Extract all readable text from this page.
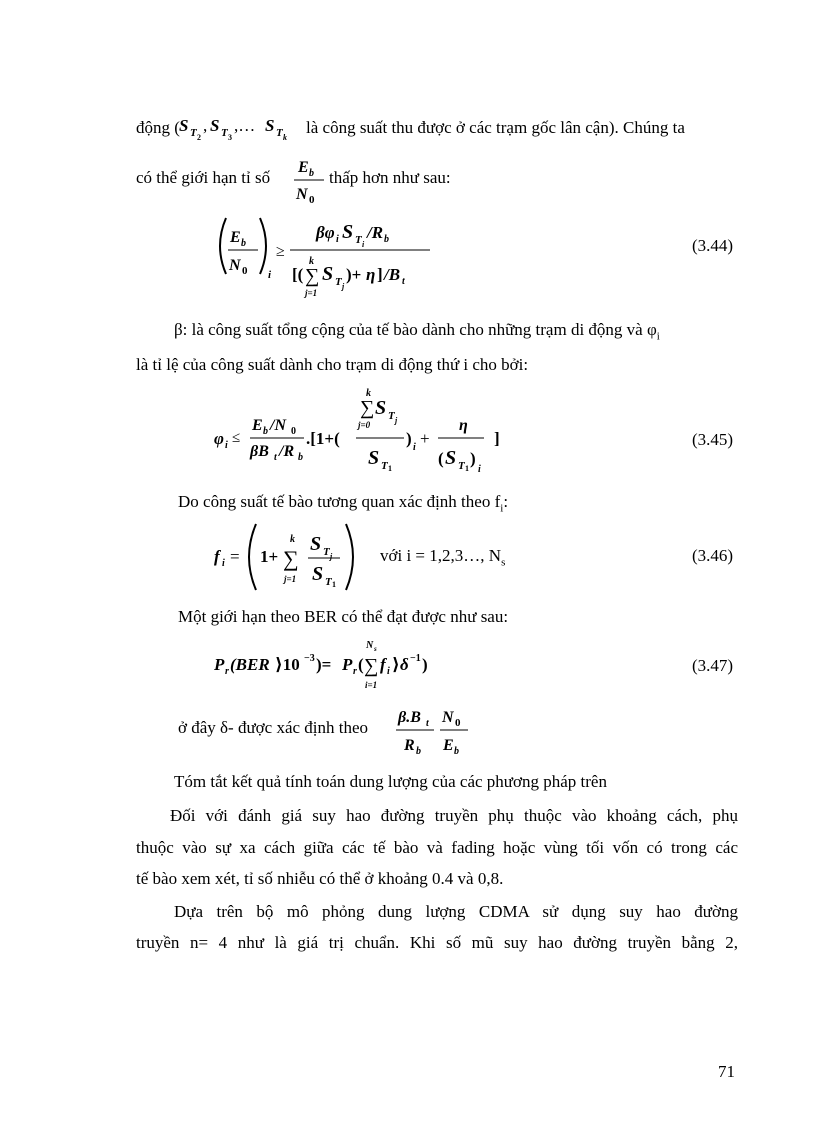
động ( S T 2
, S T 3
,… S T k
là công suất thu được ở các trạm gốc lân cận). Chúng ta
có thể giới hạn tỉ số
E b
N 0
thấp hơn như sau:
E b
N 0 i
≥
βφ i S T i
/R b
k
[( ∑
j=1
S T j
)+ η ] /B t
(3.44)
β: là công suất tổng cộng của tế bào dành cho những trạm di động và $\varphi_i$
là tỉ lệ của công suất dành cho trạm di động thứ i cho bởi:
φ i ≤
E b /N 0
βB t /R b
.[1+(
k
∑ S T j
j=0
S T 1
) i +
η
( S T 1
)
i
]	(3.45)
Do công suất tế bào tương quan xác định theo $f_i$:
f i = 1+
k
∑
j=1
S T j
S T 1
với i = 1,2,3…, $N_s$	(3.46)
Một giới hạn theo BER có thể đạt được như sau:
P r (BER ⟩10 −3 )= P r (
N s
∑
i=1
f i ⟩ δ −1 )	(3.47)
ở đây δ- được xác định theo
β.B t
R b
N 0
E b
Tóm tắt kết quả tính toán dung lượng của các phương pháp trên
Đối với đánh giá suy hao đường truyền phụ thuộc vào khoảng cách, phụ
thuộc vào sự xa cách giữa các tế bào và fading hoặc vùng tối vốn có trong các
tế bào xem xét, tỉ số nhiễu có thể ở khoảng 0.4 và 0,8.
Dựa trên bộ mô phỏng dung lượng CDMA sử dụng suy hao đường
truyền n= 4 như là giá trị chuẩn. Khi số mũ suy hao đường truyền bằng 2,
71
